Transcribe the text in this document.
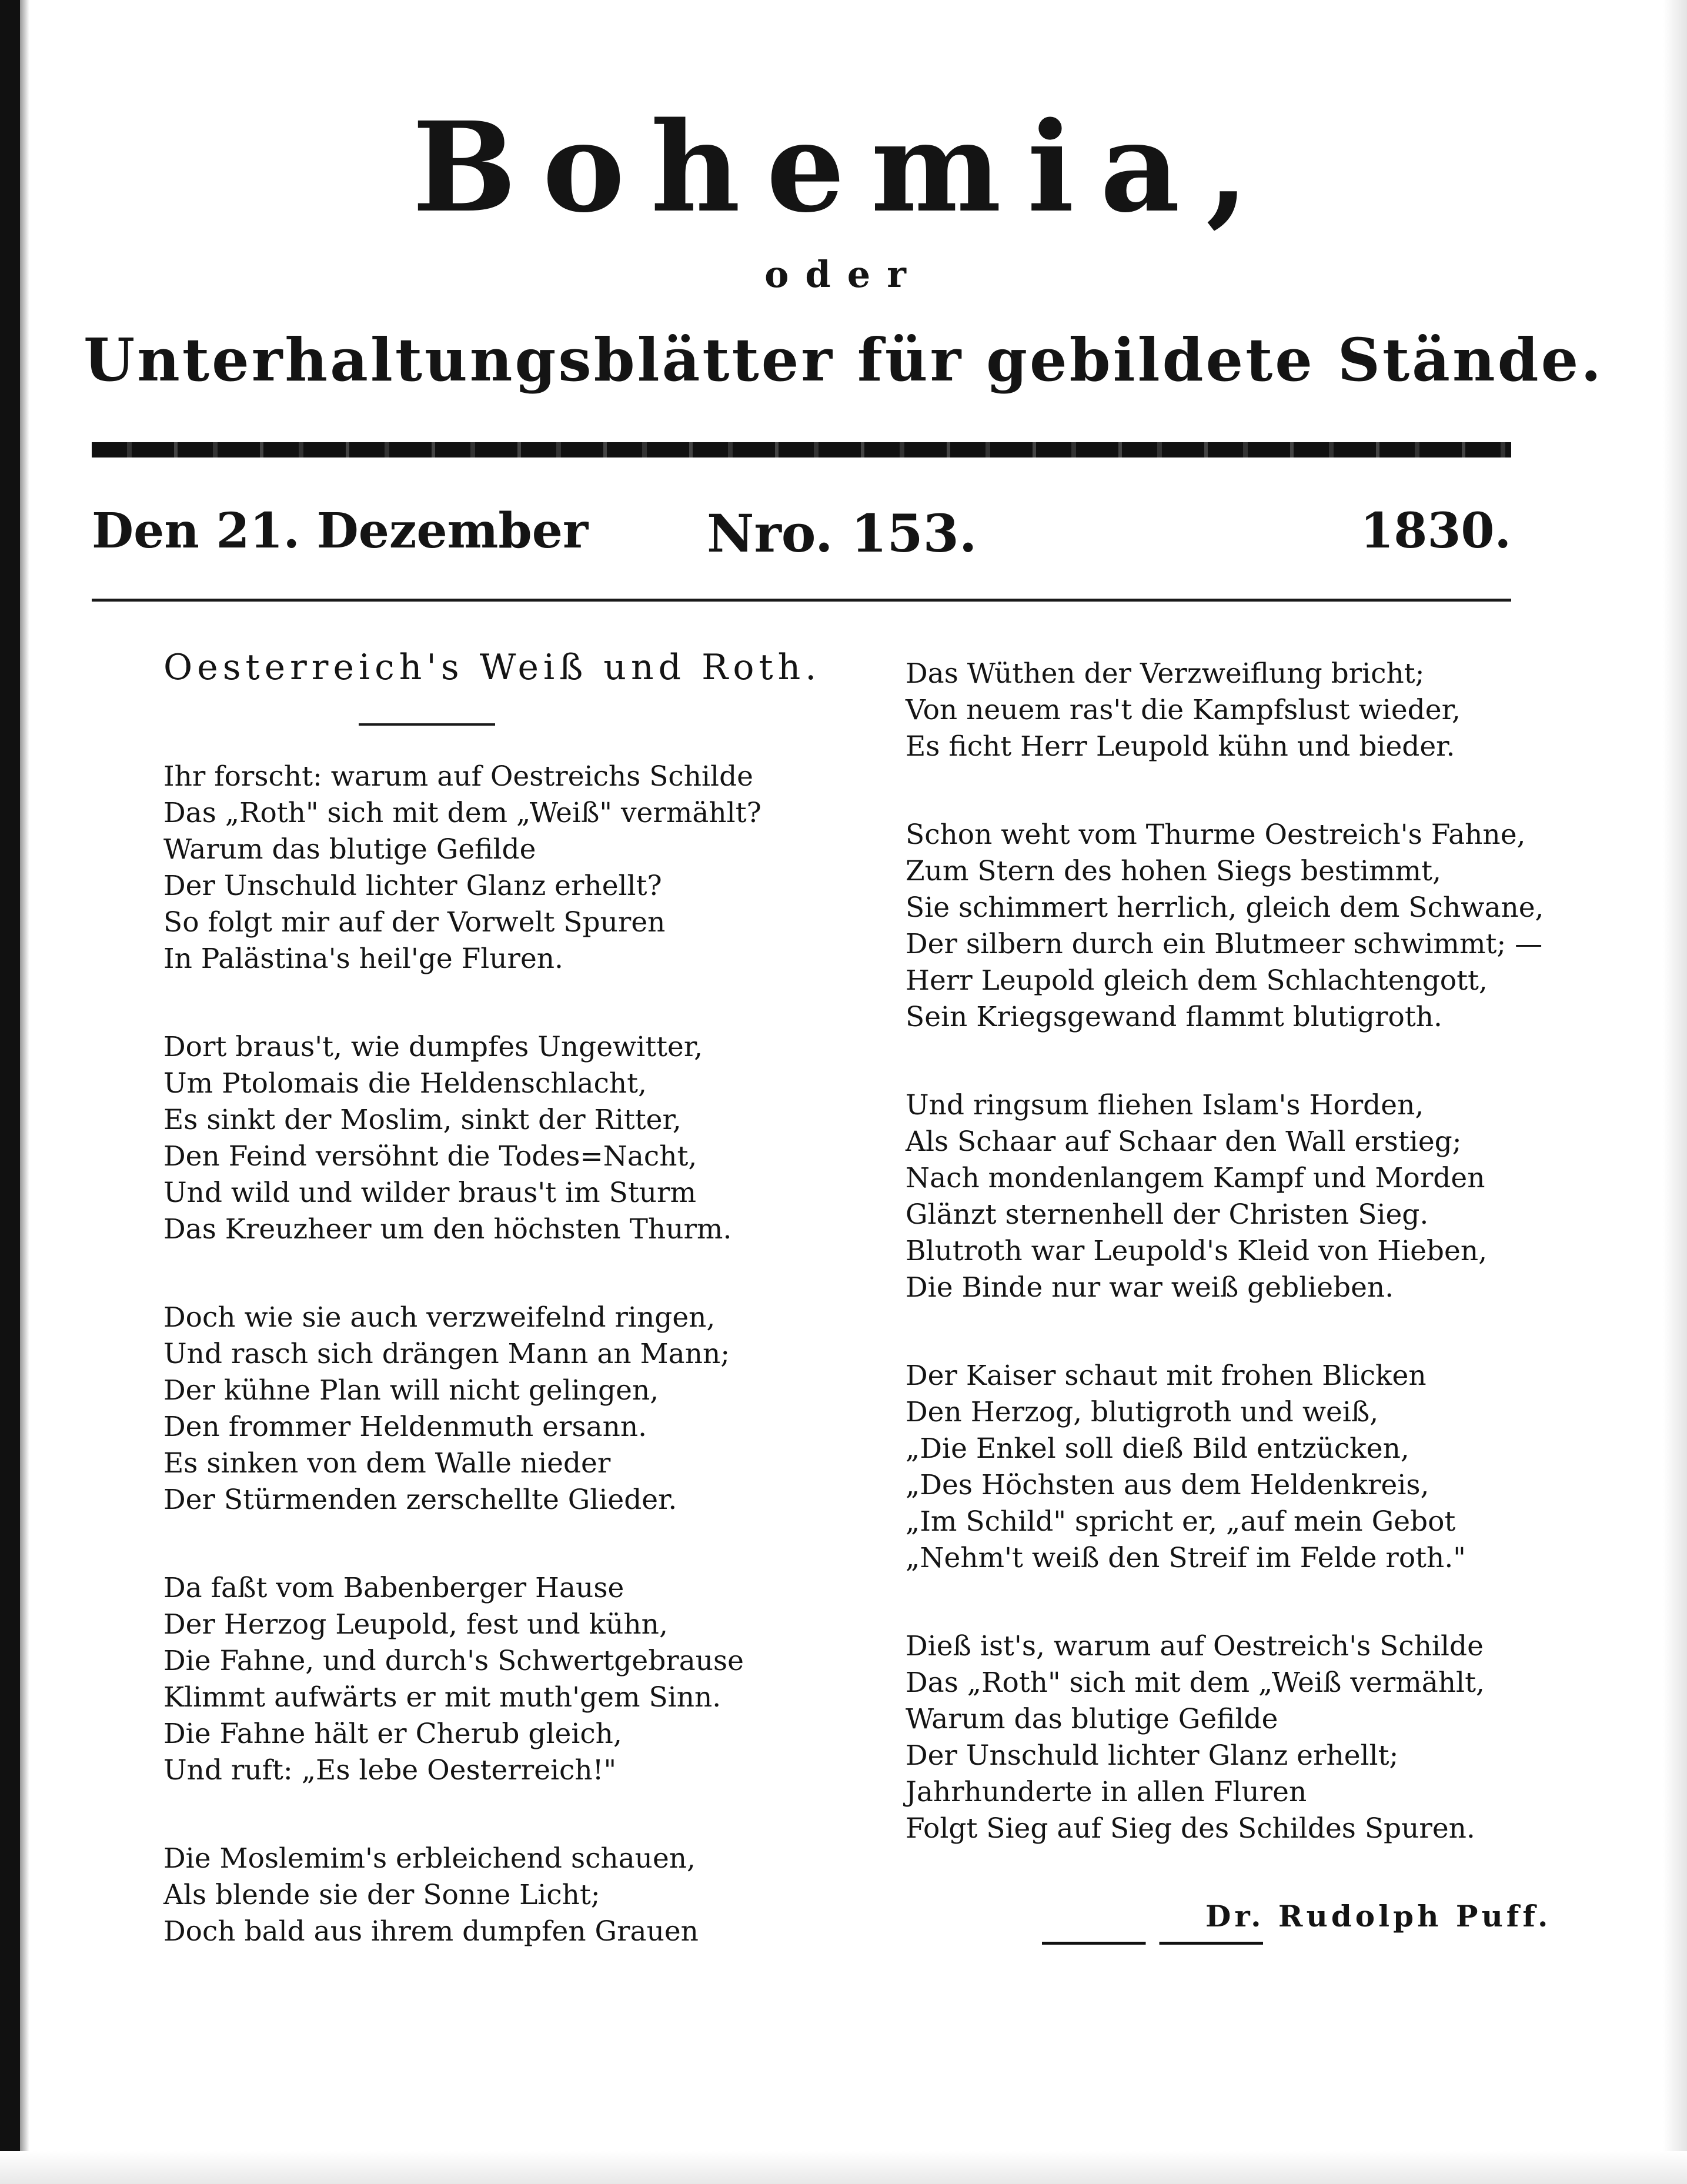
Bohemia,
oder
Unterhaltungsblätter für gebildete Stände.
Den 21. Dezember Nro. 153.	1830.
Oesterreich's Weiß und Roth.
Ihr forscht: warum auf Oestreichs Schilde
Das „Roth" sich mit dem „Weiß" vermählt?
Warum das blutige Gefilde
Der Unschuld lichter Glanz erhellt?
So folgt mir auf der Vorwelt Spuren
In Palästina's heil'ge Fluren.
Dort braus't, wie dumpfes Ungewitter,
Um Ptolomais die Heldenschlacht,
Es sinkt der Moslim, sinkt der Ritter,
Den Feind versöhnt die Todes=Nacht,
Und wild und wilder braus't im Sturm
Das Kreuzheer um den höchsten Thurm.
Doch wie sie auch verzweifelnd ringen,
Und rasch sich drängen Mann an Mann;
Der kühne Plan will nicht gelingen,
Den frommer Heldenmuth ersann.
Es sinken von dem Walle nieder
Der Stürmenden zerschellte Glieder.
Da faßt vom Babenberger Hause
Der Herzog Leupold, fest und kühn,
Die Fahne, und durch's Schwertgebrause
Klimmt aufwärts er mit muth'gem Sinn.
Die Fahne hält er Cherub gleich,
Und ruft: „Es lebe Oesterreich!"
Die Moslemim's erbleichend schauen,
Als blende sie der Sonne Licht;
Doch bald aus ihrem dumpfen Grauen
Das Wüthen der Verzweiflung bricht;
Von neuem ras't die Kampfslust wieder,
Es ficht Herr Leupold kühn und bieder.
Schon weht vom Thurme Oestreich's Fahne,
Zum Stern des hohen Siegs bestimmt,
Sie schimmert herrlich, gleich dem Schwane,
Der silbern durch ein Blutmeer schwimmt; —
Herr Leupold gleich dem Schlachtengott,
Sein Kriegsgewand flammt blutigroth.
Und ringsum fliehen Islam's Horden,
Als Schaar auf Schaar den Wall erstieg;
Nach mondenlangem Kampf und Morden
Glänzt sternenhell der Christen Sieg.
Blutroth war Leupold's Kleid von Hieben,
Die Binde nur war weiß geblieben.
Der Kaiser schaut mit frohen Blicken
Den Herzog, blutigroth und weiß,
„Die Enkel soll dieß Bild entzücken,
„Des Höchsten aus dem Heldenkreis,
„Im Schild" spricht er, „auf mein Gebot
„Nehm't weiß den Streif im Felde roth."
Dieß ist's, warum auf Oestreich's Schilde
Das „Roth" sich mit dem „Weiß vermählt,
Warum das blutige Gefilde
Der Unschuld lichter Glanz erhellt;
Jahrhunderte in allen Fluren
Folgt Sieg auf Sieg des Schildes Spuren.
Dr. Rudolph Puff.
